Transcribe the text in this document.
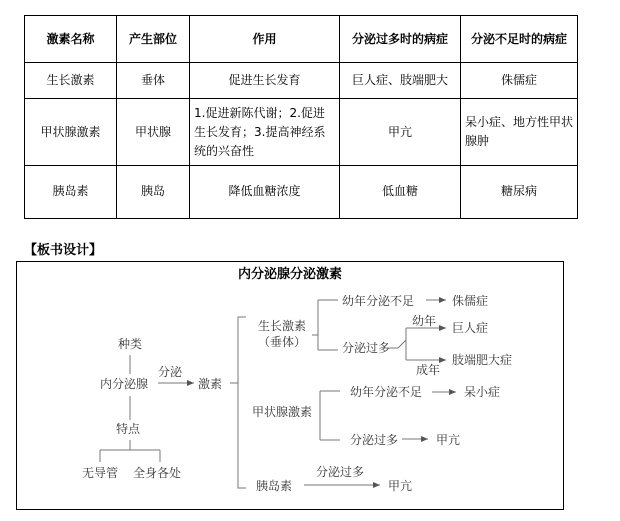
激素名称	产生部位	作用	分泌过多时的病症	分泌不足时的病症
生长激素	垂体	促进生长发育	巨人症、肢端肥大	侏儒症
甲状腺激素	甲状腺	1.促进新陈代谢；2.促进生长发育；3.提高神经系统的兴奋性	甲亢	呆小症、地方性甲状腺肿
胰岛素	胰岛	降低血糖浓度	低血糖	糖尿病
【板书设计】
内分泌腺分泌激素
种类
内分泌腺
分泌
激素
特点
无导管 全身各处
生长激素
（垂体）
幼年分泌不足	侏儒症
分泌过多
幼年 巨人症
成年
肢端肥大症
甲状腺激素
幼年分泌不足	呆小症
分泌过多	甲亢
胰岛素
分泌过多
甲亢
